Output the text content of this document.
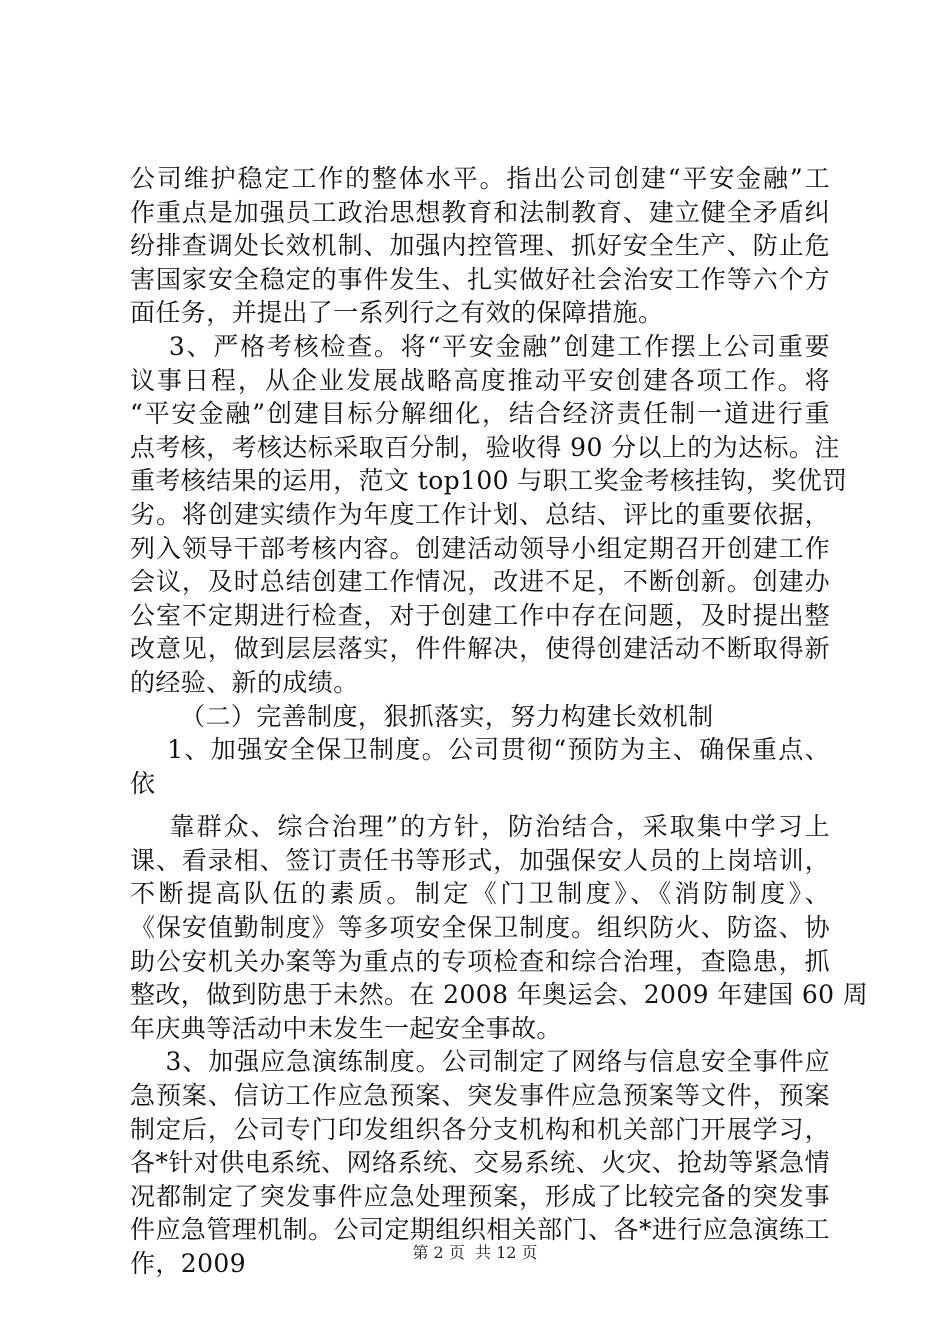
公司维护稳定工作的整体水平。指出公司创建“平安金融”工
作重点是加强员工政治思想教育和法制教育、建立健全矛盾纠
纷排查调处长效机制、加强内控管理、抓好安全生产、防止危
害国家安全稳定的事件发生、扎实做好社会治安工作等六个方
面任务，并提出了一系列行之有效的保障措施。
3、严格考核检查。将“平安金融”创建工作摆上公司重要
议事日程，从企业发展战略高度推动平安创建各项工作。将
“平安金融”创建目标分解细化，结合经济责任制一道进行重
点考核，考核达标采取百分制，验收得 90 分以上的为达标。注
重考核结果的运用，范文 top100 与职工奖金考核挂钩，奖优罚
劣。将创建实绩作为年度工作计划、总结、评比的重要依据，
列入领导干部考核内容。创建活动领导小组定期召开创建工作
会议，及时总结创建工作情况，改进不足，不断创新。创建办
公室不定期进行检查，对于创建工作中存在问题，及时提出整
改意见，做到层层落实，件件解决，使得创建活动不断取得新
的经验、新的成绩。
（二）完善制度，狠抓落实，努力构建长效机制
1、加强安全保卫制度。公司贯彻“预防为主、确保重点、
依
靠群众、综合治理”的方针，防治结合，采取集中学习上
课、看录相、签订责任书等形式，加强保安人员的上岗培训，
不断提高队伍的素质。制定《门卫制度》、《消防制度》、
《保安值勤制度》等多项安全保卫制度。组织防火、防盗、协
助公安机关办案等为重点的专项检查和综合治理，查隐患，抓
整改，做到防患于未然。在 2008 年奥运会、2009 年建国 60 周
年庆典等活动中未发生一起安全事故。
3、加强应急演练制度。公司制定了网络与信息安全事件应
急预案、信访工作应急预案、突发事件应急预案等文件，预案
制定后，公司专门印发组织各分支机构和机关部门开展学习，
各*针对供电系统、网络系统、交易系统、火灾、抢劫等紧急情
况都制定了突发事件应急处理预案，形成了比较完备的突发事
件应急管理机制。公司定期组织相关部门、各*进行应急演练工
作，2009	第 2 页  共 12 页
